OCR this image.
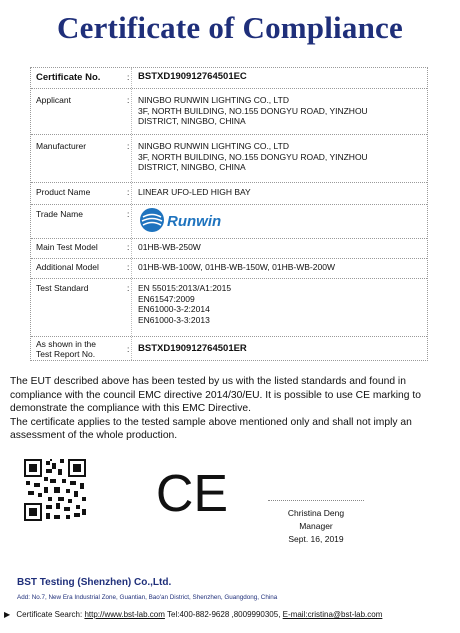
Certificate of Compliance
Certificate No.	: BSTXD190912764501EC
Applicant	: NINGBO RUNWIN LIGHTING CO., LTD
3F, NORTH BUILDING, NO.155 DONGYU ROAD, YINZHOU
DISTRICT, NINGBO, CHINA
Manufacturer	: NINGBO RUNWIN LIGHTING CO., LTD
3F, NORTH BUILDING, NO.155 DONGYU ROAD, YINZHOU
DISTRICT, NINGBO, CHINA
Product Name	: LINEAR UFO-LED HIGH BAY
Trade Name	:	Runwin
Main Test Model	: 01HB-WB-250W
Additional Model	: 01HB-WB-100W, 01HB-WB-150W, 01HB-WB-200W
Test Standard	: EN 55015:2013/A1:2015
EN61547:2009
EN61000-3-2:2014
EN61000-3-3:2013
As shown in the
Test Report No.	: BSTXD190912764501ER

The EUT described above has been tested by us with the listed standards and found in compliance with the council EMC directive 2014/30/EU. It is possible to use CE marking to demonstrate the compliance with this EMC Directive.

The certificate applies to the tested sample above mentioned only and shall not imply an assessment of the whole production.

CE	Christina Deng
Manager
Sept. 16, 2019
BST Testing (Shenzhen) Co.,Ltd.
Add: No.7, New Era Industrial Zone, Guantian, Bao'an District, Shenzhen, Guangdong, China
▶ Certificate Search: http://www.bst-lab.com Tel:400-882-9628 ,8009990305, E-mail:cristina@bst-lab.com
